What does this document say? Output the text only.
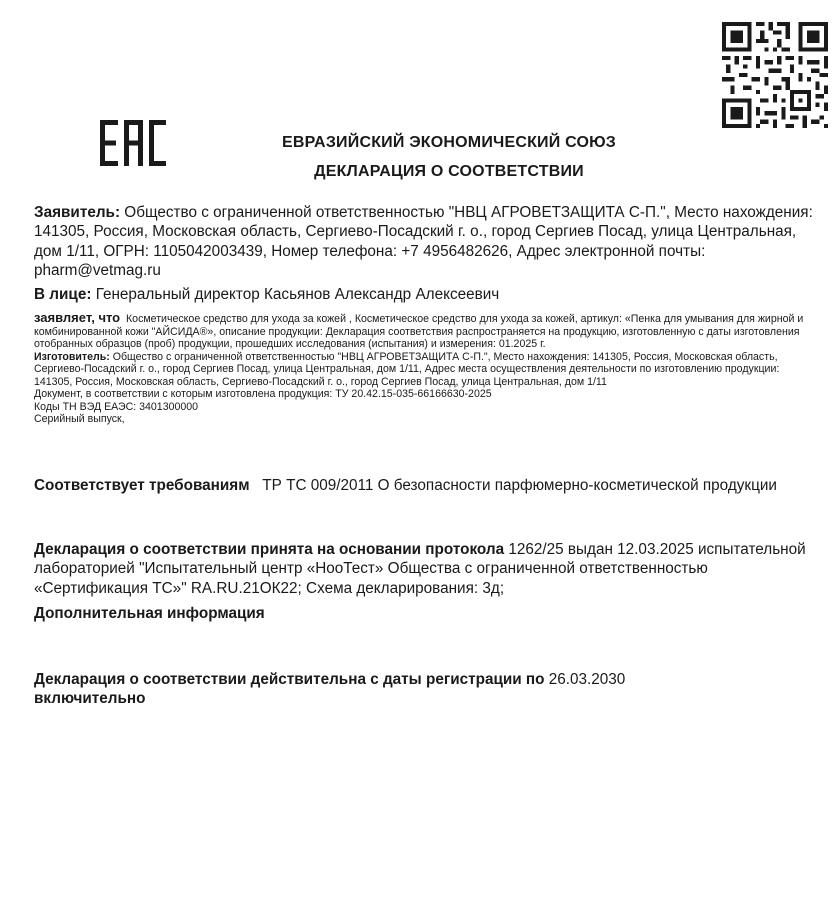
ЕВРАЗИЙСКИЙ ЭКОНОМИЧЕСКИЙ СОЮЗ
ДЕКЛАРАЦИЯ О СООТВЕТСТВИИ
Заявитель: Общество с ограниченной ответственностью "НВЦ АГРОВЕТЗАЩИТА С-П.", Место нахождения: 141305, Россия, Московская область, Сергиево-Посадский г. о., город Сергиев Посад, улица Центральная, дом 1/11, ОГРН: 1105042003439, Номер телефона: +7 4956482626, Адрес электронной почты: pharm@vetmag.ru
В лице: Генеральный директор Касьянов Александр Алексеевич
заявляет, что Косметическое средство для ухода за кожей , Косметическое средство для ухода за кожей, артикул: «Пенка для умывания для жирной и комбинированной кожи "АЙСИДА®», описание продукции: Декларация соответствия распространяется на продукцию, изготовленную с даты изготовления отобранных образцов (проб) продукции, прошедших исследования (испытания) и измерения: 01.2025 г.
Изготовитель: Общество с ограниченной ответственностью "НВЦ АГРОВЕТЗАЩИТА С-П.", Место нахождения: 141305, Россия, Московская область, Сергиево-Посадский г. о., город Сергиев Посад, улица Центральная, дом 1/11, Адрес места осуществления деятельности по изготовлению продукции: 141305, Россия, Московская область, Сергиево-Посадский г. о., город Сергиев Посад, улица Центральная, дом 1/11
Документ, в соответствии с которым изготовлена продукция: ТУ 20.42.15-035-66166630-2025
Коды ТН ВЭД ЕАЭС: 3401300000
Серийный выпуск,
Соответствует требованиям ТР ТС 009/2011 О безопасности парфюмерно-косметической продукции
Декларация о соответствии принята на основании протокола 1262/25 выдан 12.03.2025 испытательной лабораторией "Испытательный центр «НооТест» Общества с ограниченной ответственностью «Сертификация ТС»" RA.RU.21ОК22; Схема декларирования: 3д;
Дополнительная информация
Декларация о соответствии действительна с даты регистрации по 26.03.2030
включительно
